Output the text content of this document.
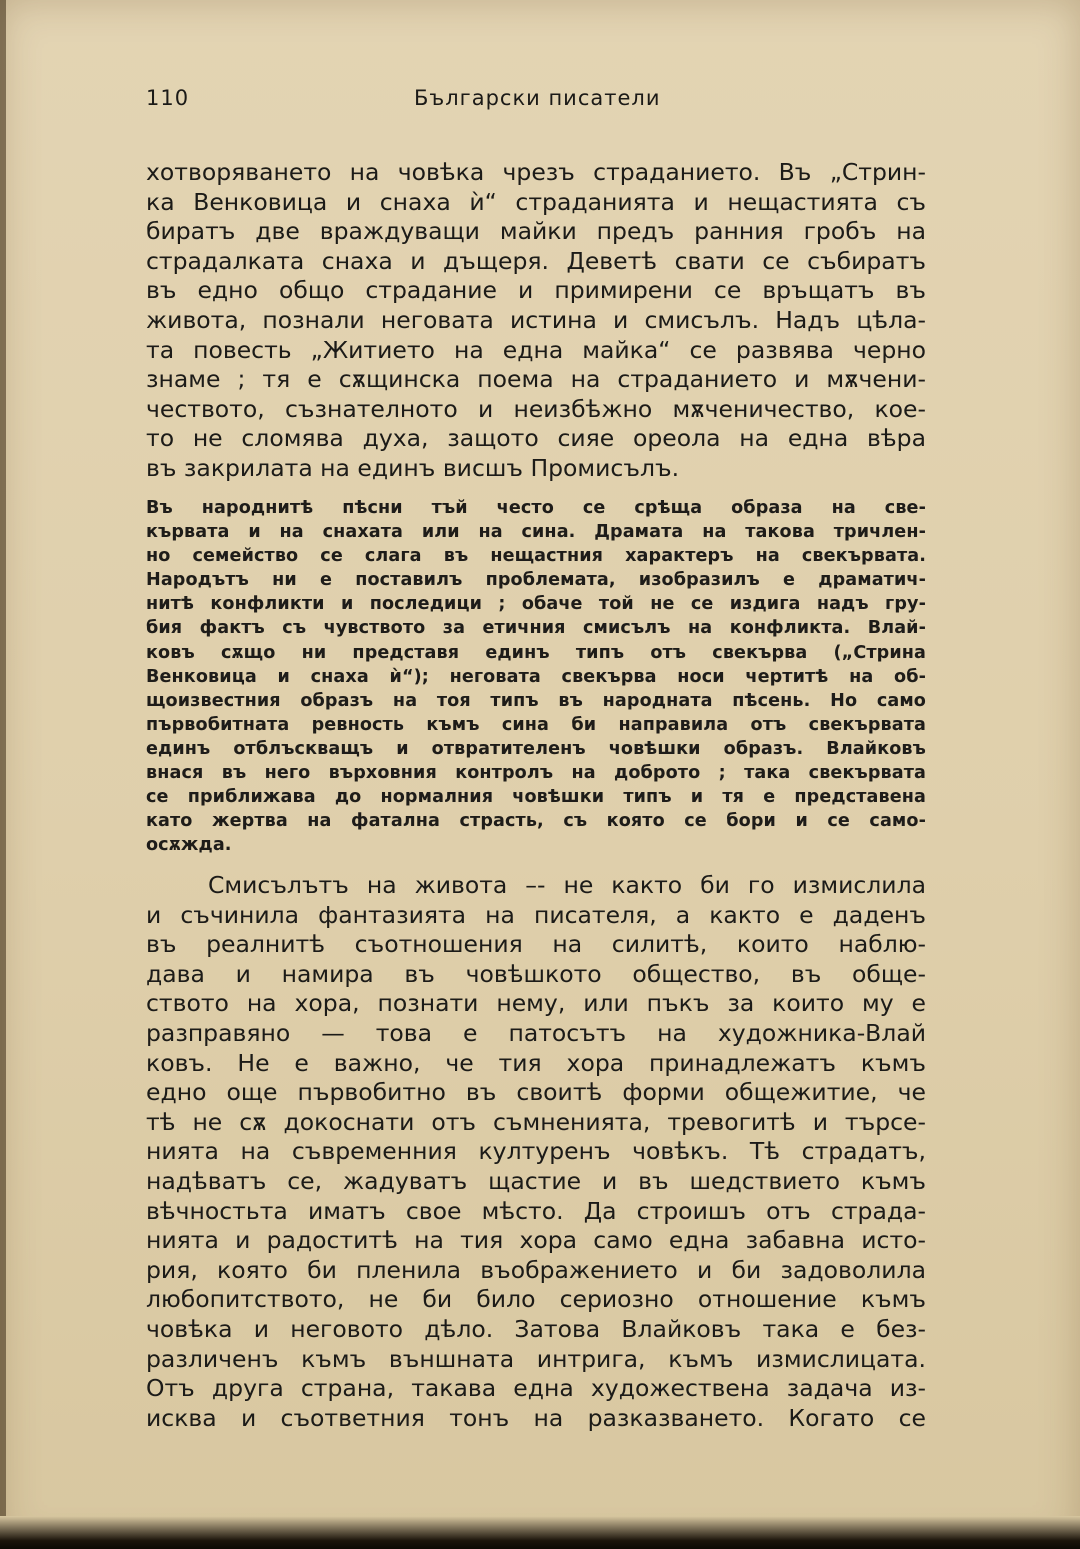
110	Български писатели
хотворяването на човѣка чрезъ страданието. Въ „Стрин-
ка Венковица и снаха ѝ“ страданията и нещастията съ
биратъ две враждуващи майки предъ ранния гробъ на
страдалката снаха и дъщеря. Деветѣ свати се събиратъ
въ едно общо страдание и примирени се връщатъ въ
живота, познали неговата истина и смисълъ. Надъ цѣла-
та повесть „Житието на една майка“ се развява черно
знаме ; тя е сѫщинска поема на страданието и мѫчени-
чеството, съзнателното и неизбѣжно мѫченичество, кое-
то не сломява духа, защото сияе ореола на една вѣра
въ закрилата на единъ висшъ Промисълъ.
Въ народнитѣ пѣсни тъй често се срѣща образа на све-
кървата и на снахата или на сина. Драмата на такова тричлен-
но семейство се слага въ нещастния характеръ на свекървата.
Народътъ ни е поставилъ проблемата, изобразилъ е драматич-
нитѣ конфликти и последици ; обаче той не се издига надъ гру-
бия фактъ съ чувството за етичния смисълъ на конфликта. Влай-
ковъ сѫщо ни представя единъ типъ отъ свекърва („Стрина
Венковица и снаха ѝ“); неговата свекърва носи чертитѣ на об-
щоизвестния образъ на тоя типъ въ народната пѣсень. Но само
първобитната ревность къмъ сина би направила отъ свекървата
единъ отблъскващъ и отвратителенъ човѣшки образъ. Влайковъ
внася въ него върховния контролъ на доброто ; така свекървата
се приближава до нормалния човѣшки типъ и тя е представена
като жертва на фатална страсть, съ която се бори и се само-
осѫжда.
Смисълътъ на живота –- не както би го измислила
и съчинила фантазията на писателя, а както е даденъ
въ реалнитѣ съотношения на силитѣ, които наблю-
дава и намира въ човѣшкото общество, въ обще-
ството на хора, познати нему, или пъкъ за които му е
разправяно — това е патосътъ на художника-Влай
ковъ. Не е важно, че тия хора принадлежатъ къмъ
едно още първобитно въ своитѣ форми общежитие, че
тѣ не сѫ докоснати отъ съмненията, тревогитѣ и търсе-
нията на съвременния културенъ човѣкъ. Тѣ страдатъ,
надѣватъ се, жадуватъ щастие и въ шедствието къмъ
вѣчностьта иматъ свое мѣсто. Да строишъ отъ страда-
нията и радоститѣ на тия хора само една забавна исто-
рия, която би пленила въображението и би задоволила
любопитството, не би било сериозно отношение къмъ
човѣка и неговото дѣло. Затова Влайковъ така е без-
различенъ къмъ външната интрига, къмъ измислицата.
Отъ друга страна, такава една художествена задача из-
исква и съответния тонъ на разказването. Когато се
